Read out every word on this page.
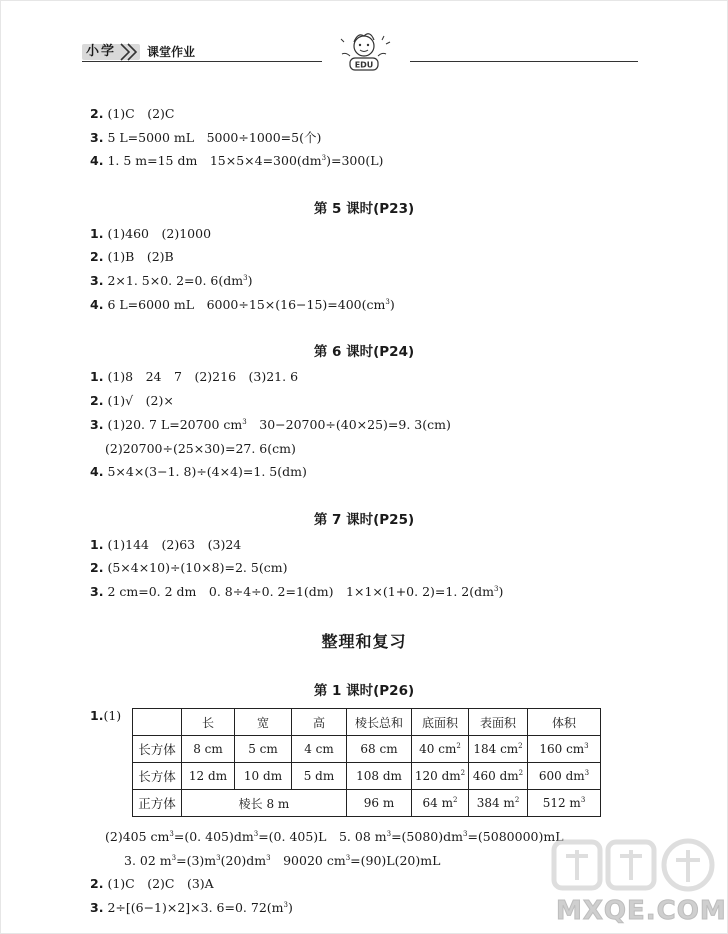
小学	课堂作业
EDU
2. (1)C　(2)C
3. 5 L=5000 mL　5000÷1000=5(个)
4. 1. 5 m=15 dm　$15\times 5\times 4=300(dm^3)=300(L)$
第 5 课时(P23)
1. (1)460　(2)1000
2. (1)B　(2)B
3. 2×1. 5×0. 2=0. $6(dm^3)$
4. 6 L=6000 mL　$6000\div 15\times(16-15)=400(cm^3)$
第 6 课时(P24)
1. (1)8　24　7　(2)216　(3)21. 6
2. (1)√　(2)×
3. (1)20. 7 L=20700 $cm^3$　30−20700÷(40×25)=9. 3(cm)
(2)20700÷(25×30)=27. 6(cm)
4. 5×4×(3−1. 8)÷(4×4)=1. 5(dm)
第 7 课时(P25)
1. (1)144　(2)63　(3)24
2. (5×4×10)÷(10×8)=2. 5(cm)
3. 2 cm=0. 2 dm　0. 8÷4÷0. 2=1(dm)　1×1×(1+0. 2)=1. $2(dm^3)$
整理和复习
第 1 课时(P26)
1.(1)
		长	宽	高	棱长总和	底面积	表面积	体积
长方体	8 cm	5 cm	4 cm	68 cm	40 $cm^2$	184 $cm^2$	160 $cm^3$
长方体	12 dm	10 dm	5 dm	108 dm	120 $dm^2$	460 $dm^2$	600 $dm^3$
正方体	棱长 8 m			96 m	64 $m^2$	384 $m^2$	512 $m^3$
(2)405 $cm^3=(0$. $405)dm^3=(0$. 405)L　5. 08 $m^3=(5080)dm^3=(5080000)mL$
3. 02 $m^3=(3)m^3(20)dm^3$　90020 $cm^3=(90)L(20)mL$
2. (1)C　(2)C　(3)A
3. 2÷[(6−1)×2]×3. 6=0. $72(m^3)$	MXQE.COM
